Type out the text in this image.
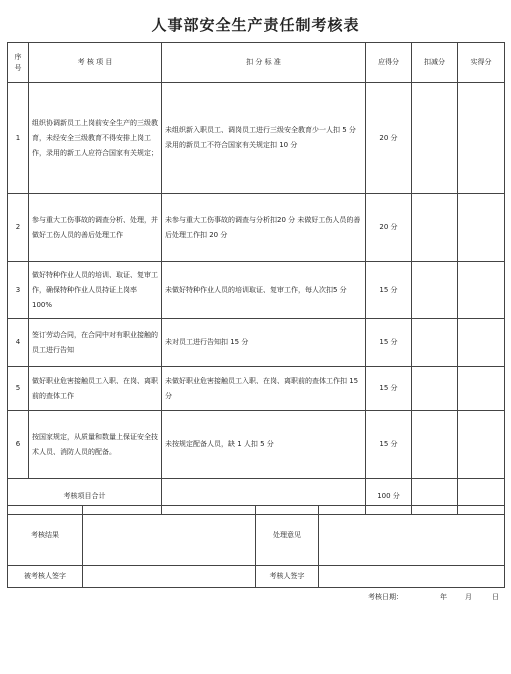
人事部安全生产责任制考核表
序号	考 核 项 目	扣 分 标 准	应得分	扣减分	实得分
1	组织协调新员工上岗前安全生产的三级教育，未经安全三级教育不得安排上岗工作，录用的新工人应符合国家有关规定；	未组织新入职员工、调岗员工进行三级安全教育少一人扣 5 分 录用的新员工不符合国家有关规定扣 10 分	20 分		
2	参与重大工伤事故的调查分析、处理，并做好工伤人员的善后处理工作	未参与重大工伤事故的调查与分析扣20 分 未做好工伤人员的善后处理工作扣 20 分	20 分		
3	做好特种作业人员的培训、取证、复审工作，确保特种作业人员持证上岗率 100%	未做好特种作业人员的培训取证、复审工作，每人次扣5 分	15 分		
4	签订劳动合同，在合同中对有职业接触的员工进行告知	未对员工进行告知扣 15 分	15 分		
5	做好职业危害接触员工入职、在岗、离职前的查体工作	未做好职业危害接触员工入职、在岗、离职前的查体工作扣 15 分	15 分		
6	按国家规定，从质量和数量上保证安全技术人员、消防人员的配备。	未按规定配备人员，缺 1 人扣 5 分	15 分		
考核项目合计			100 分		
考核结果		处理意见	
被考核人签字		考核人签字	
考核日期：	年	月	日
